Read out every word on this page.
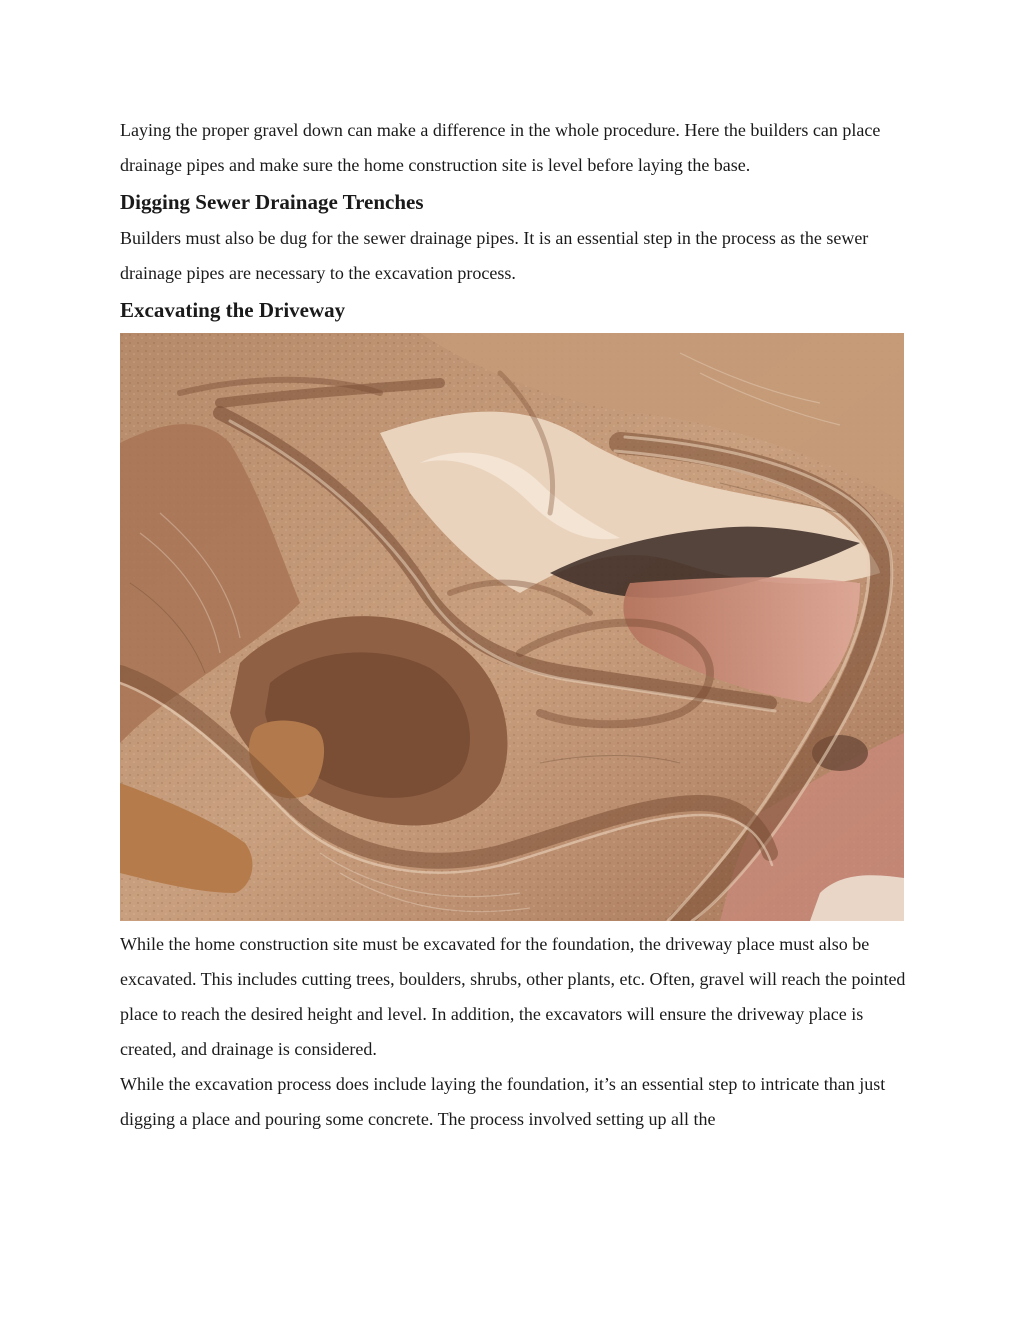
Laying the proper gravel down can make a difference in the whole procedure. Here the builders can place drainage pipes and make sure the home construction site is level before laying the base.

Digging Sewer Drainage Trenches

Builders must also be dug for the sewer drainage pipes. It is an essential step in the process as the sewer drainage pipes are necessary to the excavation process.

Excavating the Driveway

While the home construction site must be excavated for the foundation, the driveway place must also be excavated. This includes cutting trees, boulders, shrubs, other plants, etc. Often, gravel will reach the pointed place to reach the desired height and level. In addition, the excavators will ensure the driveway place is created, and drainage is considered.

While the excavation process does include laying the foundation, it’s an essential step to intricate than just digging a place and pouring some concrete. The process involved setting up all the
